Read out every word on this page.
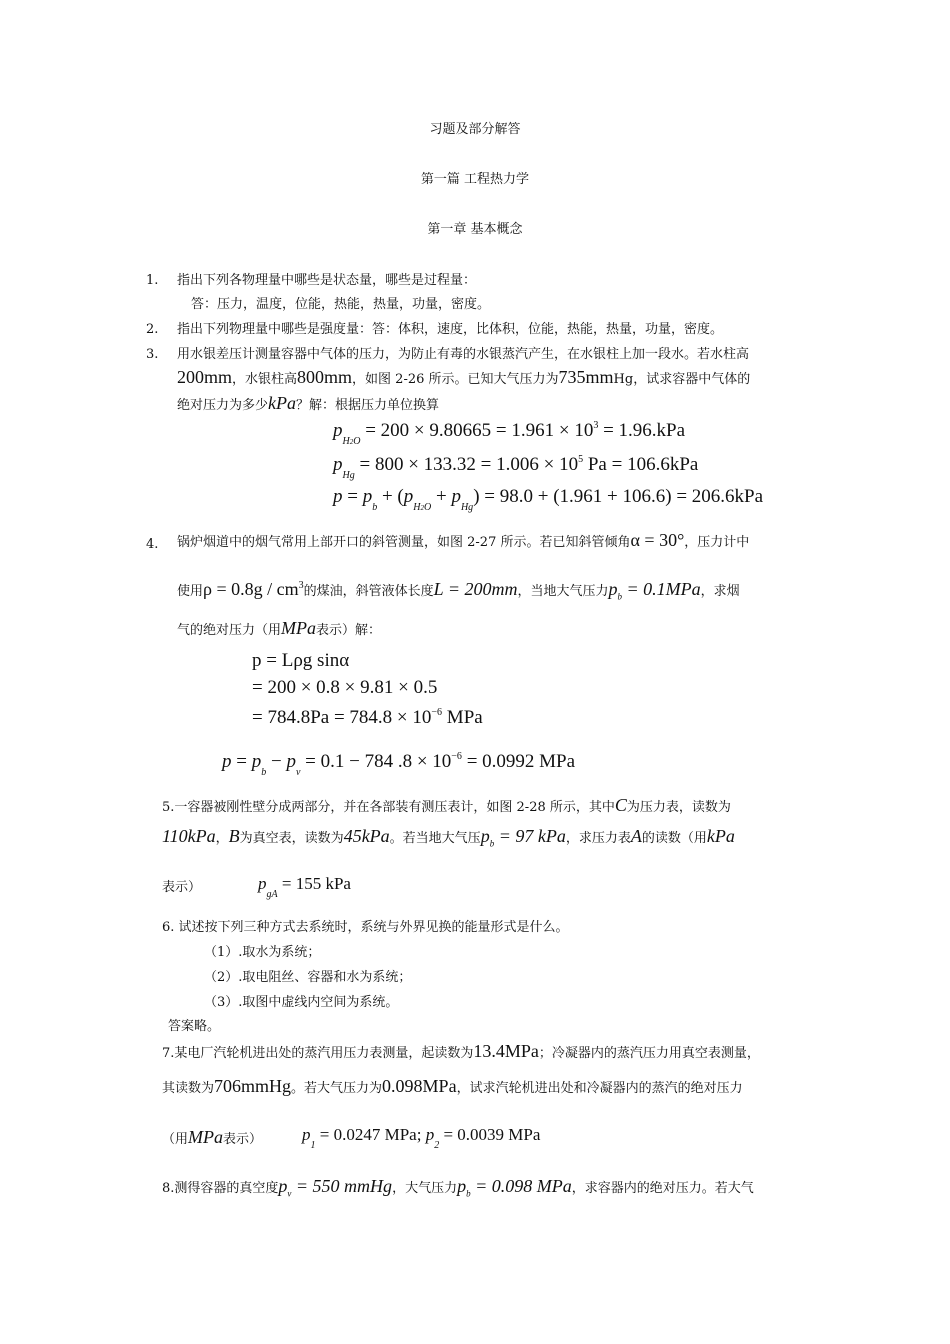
习题及部分解答
第一篇 工程热力学
第一章 基本概念
1. 指出下列各物理量中哪些是状态量，哪些是过程量：
答：压力，温度，位能，热能，热量，功量，密度。
2. 指出下列物理量中哪些是强度量：答：体积，速度，比体积，位能，热能，热量，功量，密度。
3. 用水银差压计测量容器中气体的压力，为防止有毒的水银蒸汽产生，在水银柱上加一段水。若水柱高
200mm，水银柱高800mm，如图 2-26 所示。已知大气压力为735mmHg，试求容器中气体的
绝对压力为多少kPa？解：根据压力单位换算
$p_{H2O} = 200 \times 9.80665 = 1.961 \times 10^3 = 1.96.kPa$
$p_{Hg} = 800 \times 133.32 = 1.006 \times 10^5$ Pa = 106.6kPa
$p = p_b + (p_{H2O} + p_{Hg}) = 98.0 + (1.961 + 106.6) = 206.6kPa$
4. 锅炉烟道中的烟气常用上部开口的斜管测量，如图 2-27 所示。若已知斜管倾角α = 30°，压力计中
使用$\rho = 0.8g / cm^3$的煤油，斜管液体长度L = 200mm，当地大气压力$p_b = 0.1MPa$，求烟
气的绝对压力（用MPa表示）解：
p = Lρg sinα
= 200 × 0.8 × 9.81 × 0.5
= $784.8Pa = 784.8 \times 10^{-6}$ MPa
$p = p_b - p_v = 0.1 - 784$ $.8 \times 10^{-6} = 0.0992$ MPa
5.一容器被刚性壁分成两部分，并在各部装有测压表计，如图 2-28 所示，其中C为压力表，读数为
110kPa，B为真空表，读数为45kPa。若当地大气压$p_b = 97$ kPa，求压力表A的读数（用kPa
表示）	$p_{gA} = 155$ kPa
6. 试述按下列三种方式去系统时，系统与外界见换的能量形式是什么。
（1）.取水为系统；
（2）.取电阻丝、容器和水为系统；
（3）.取图中虚线内空间为系统。
答案略。
7.某电厂汽轮机进出处的蒸汽用压力表测量，起读数为13.4MPa；冷凝器内的蒸汽压力用真空表测量，
其读数为706mmHg。若大气压力为0.098MPa，试求汽轮机进出处和冷凝器内的蒸汽的绝对压力
（用MPa表示） $p_1 = 0.0247$ MPa; $p_2 = 0.0039$ MPa
8.测得容器的真空度$p_v = 550$ mmHg，大气压力$p_b = 0.098$ MPa，求容器内的绝对压力。若大气
